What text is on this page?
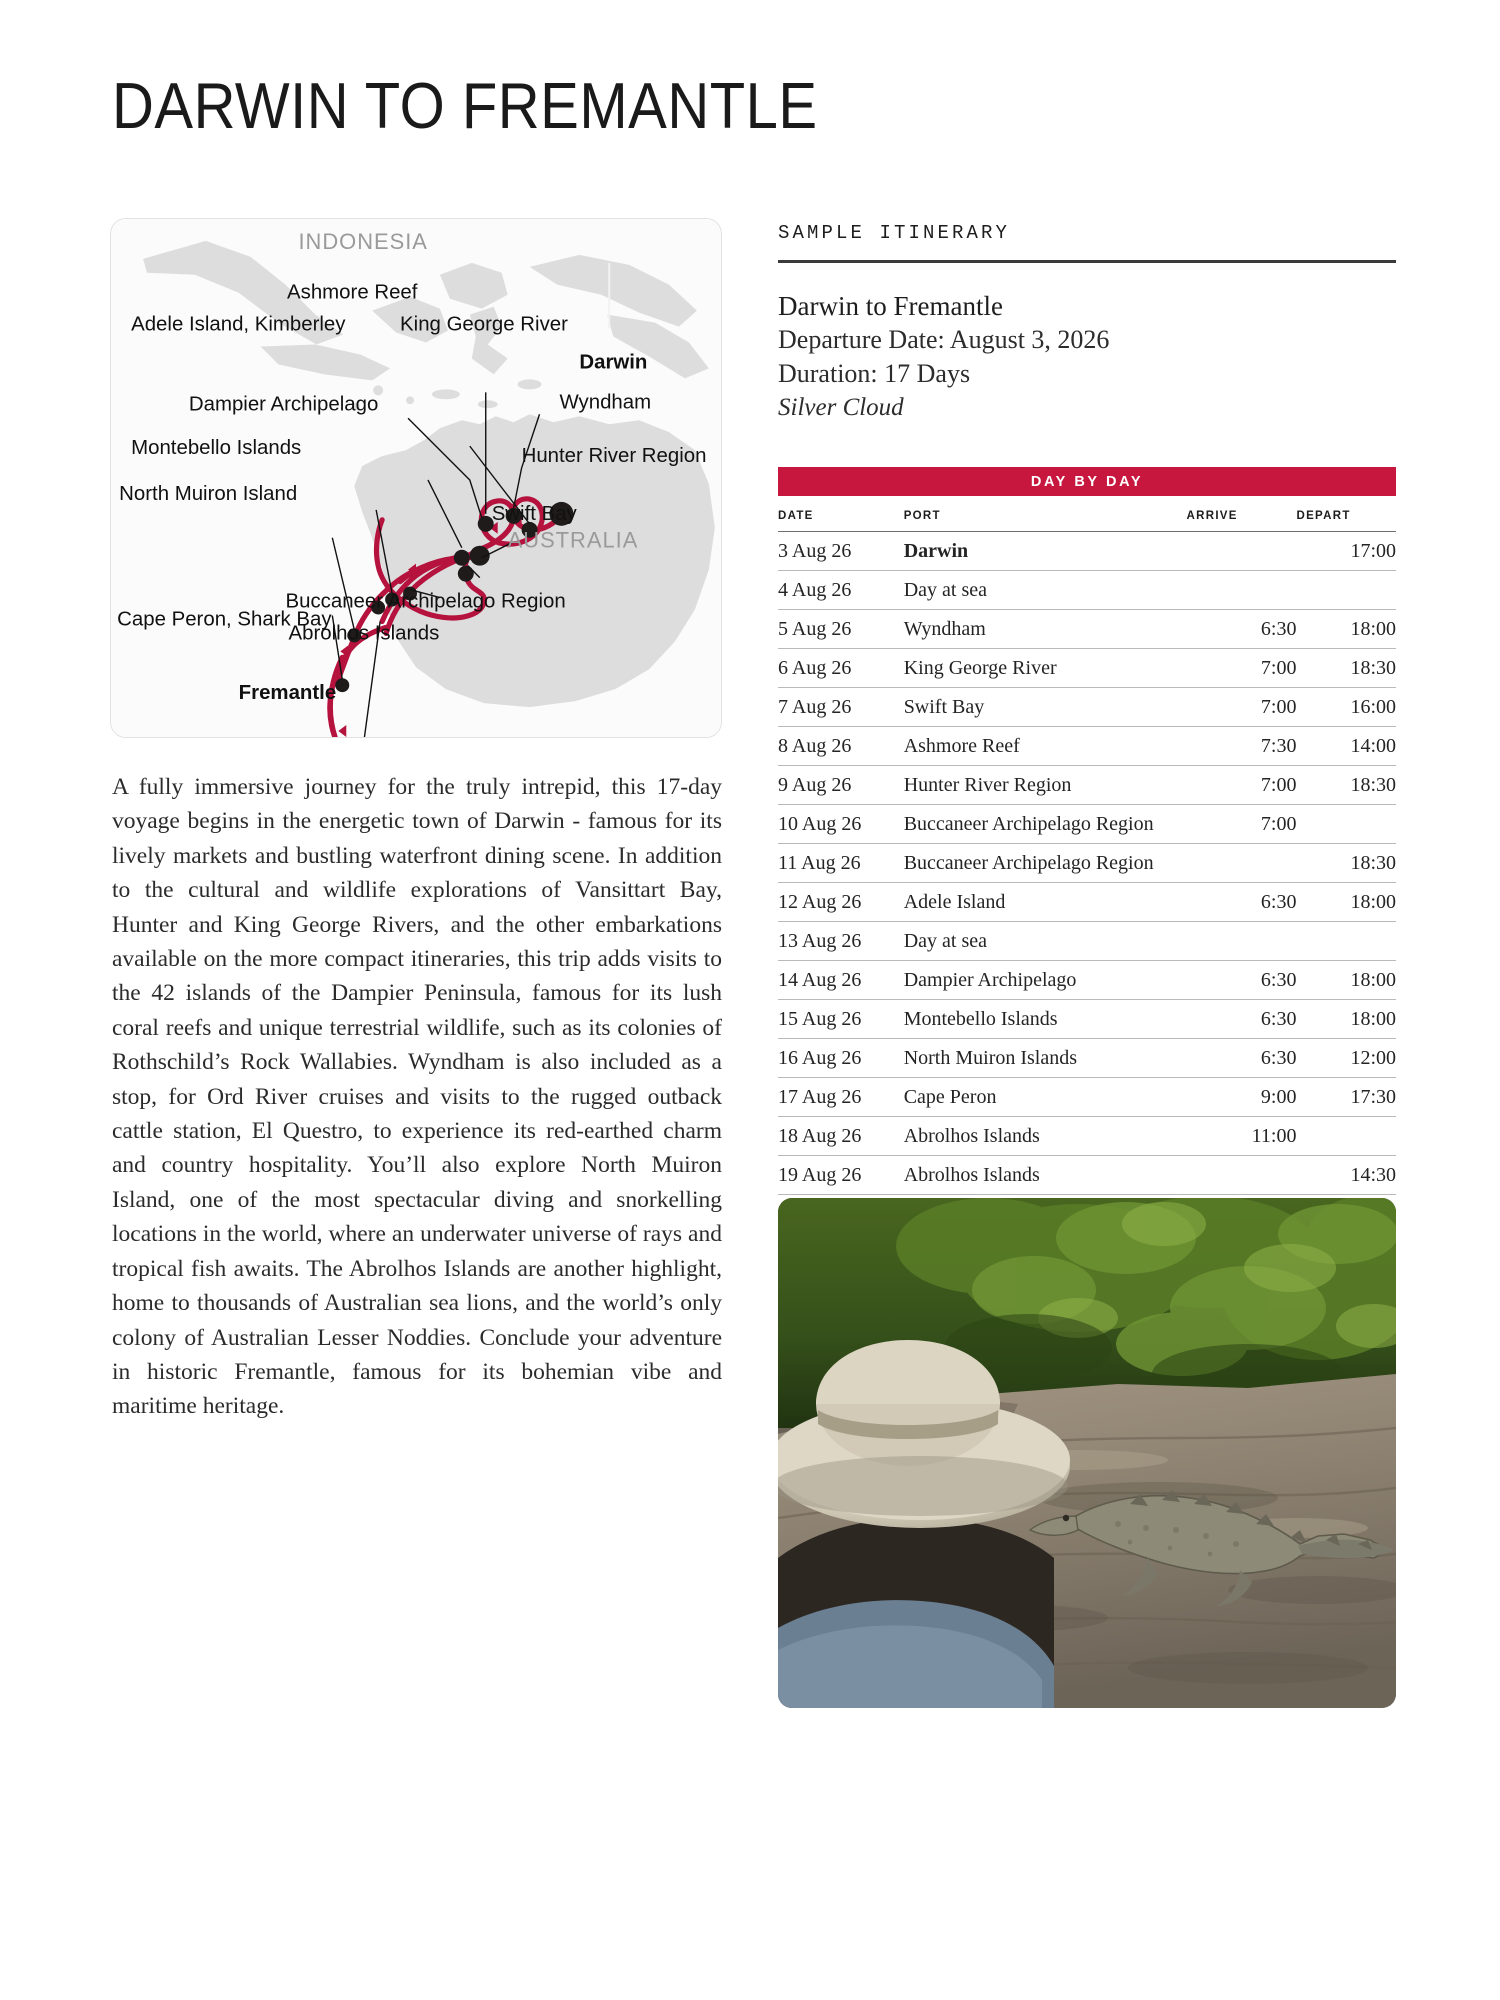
DARWIN TO FREMANTLE
INDONESIA
AUSTRALIA
Ashmore Reef
Adele Island, Kimberley	King George River
Darwin
Dampier Archipelago	Wyndham
Montebello Islands	Hunter River Region
North Muiron Island
Swift Bay
Buccaneer Archipelago Region
Abrolhos Islands
Cape Peron, Shark Bay
Fremantle

A fully immersive journey for the truly intrepid, this 17-day voyage begins in the energetic town of Darwin - famous for its lively markets and bustling waterfront dining scene. In addition to the cultural and wildlife explorations of Vansittart Bay, Hunter and King George Rivers, and the other embarkations available on the more compact itineraries, this trip adds visits to the 42 islands of the Dampier Peninsula, famous for its lush coral reefs and unique terrestrial wildlife, such as its colonies of Rothschild’s Rock Wallabies. Wyndham is also included as a stop, for Ord River cruises and visits to the rugged outback cattle station, El Questro, to experience its red-earthed charm and country hospitality. You’ll also explore North Muiron Island, one of the most spectacular diving and snorkelling locations in the world, where an underwater universe of rays and tropical fish awaits. The Abrolhos Islands are another highlight, home to thousands of Australian sea lions, and the world’s only colony of Australian Lesser Noddies. Conclude your adventure in historic Fremantle, famous for its bohemian vibe and maritime heritage.

SAMPLE ITINERARY
Darwin to Fremantle
Departure Date: August 3, 2026
Duration: 17 Days
Silver Cloud
DAY BY DAY
DATE	PORT	ARRIVE	DEPART
3 Aug 26	Darwin		17:00
4 Aug 26	Day at sea		
5 Aug 26	Wyndham	6:30	18:00
6 Aug 26	King George River	7:00	18:30
7 Aug 26	Swift Bay	7:00	16:00
8 Aug 26	Ashmore Reef	7:30	14:00
9 Aug 26	Hunter River Region	7:00	18:30
10 Aug 26	Buccaneer Archipelago Region	7:00	
11 Aug 26	Buccaneer Archipelago Region		18:30
12 Aug 26	Adele Island	6:30	18:00
13 Aug 26	Day at sea		
14 Aug 26	Dampier Archipelago	6:30	18:00
15 Aug 26	Montebello Islands	6:30	18:00
16 Aug 26	North Muiron Islands	6:30	12:00
17 Aug 26	Cape Peron	9:00	17:30
18 Aug 26	Abrolhos Islands	11:00	
19 Aug 26	Abrolhos Islands		14:30
